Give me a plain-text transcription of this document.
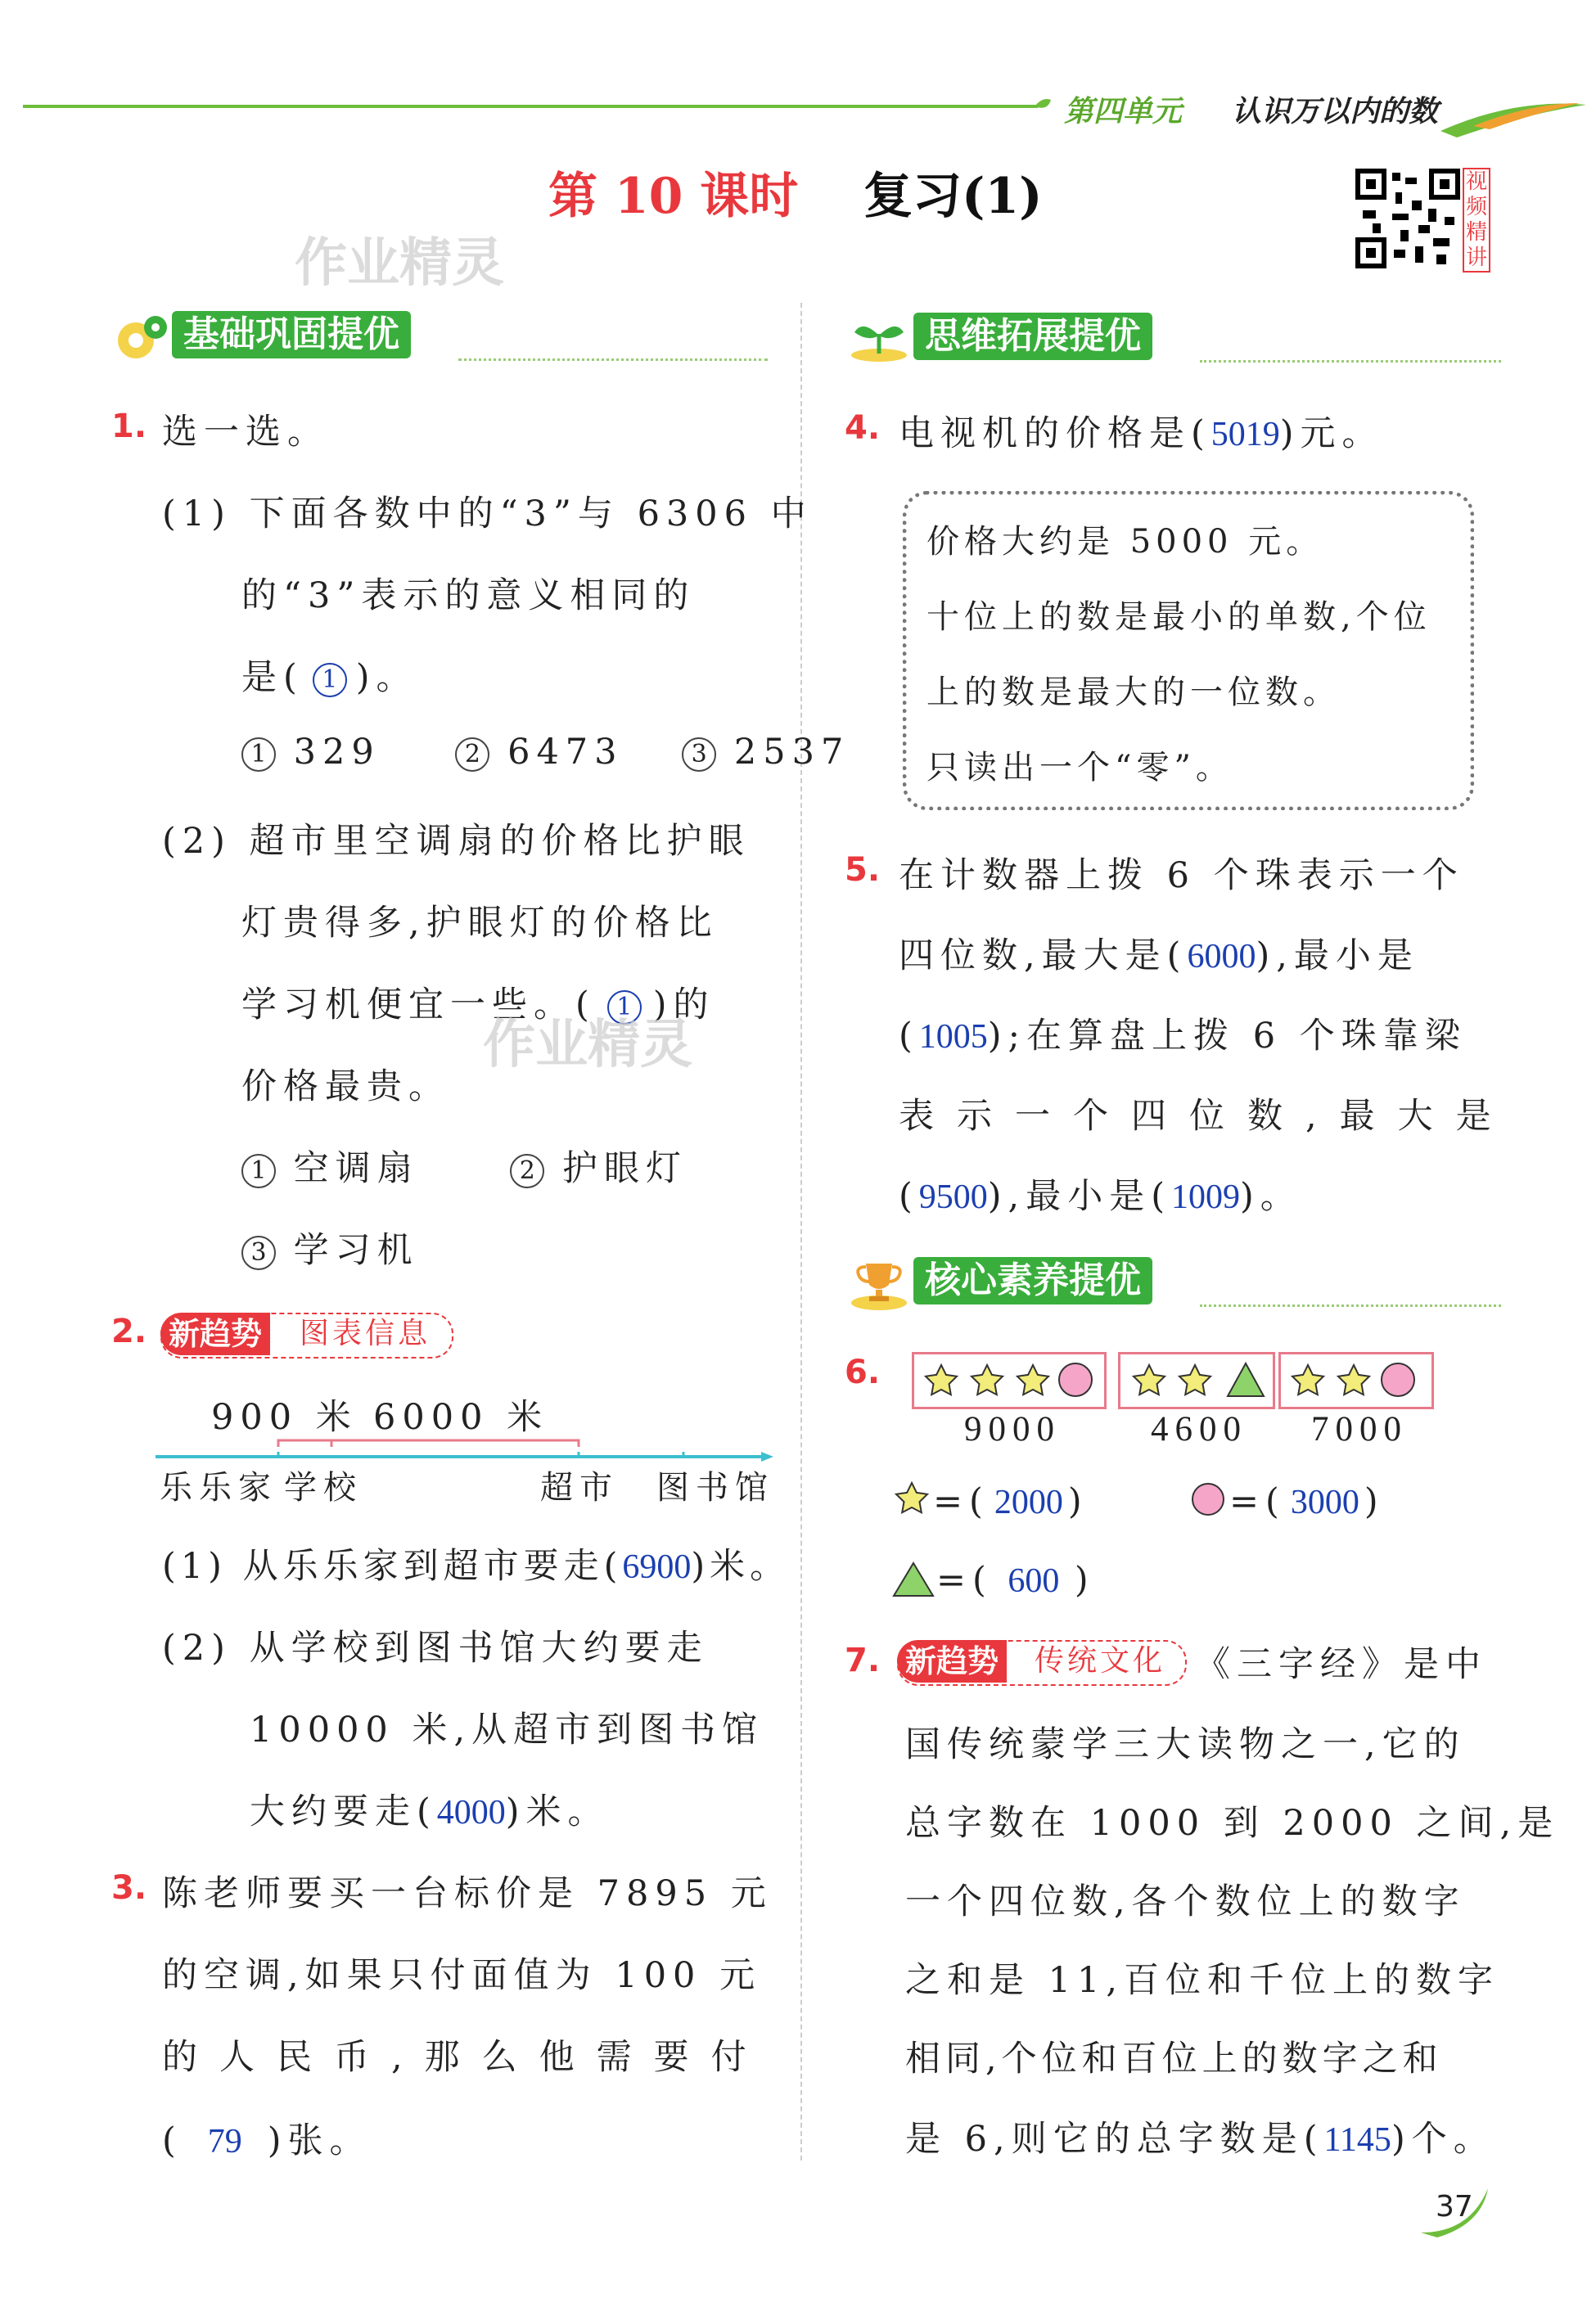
第四单元 认识万以内的数
第 10 课时 复习(1)	视频精讲
作业精灵
基础巩固提优
1. 选一选。
(1) 下面各数中的“3”与 6306 中
的“3”表示的意义相同的
是( 1 )。
1 329	2 6473	3 2537
(2) 超市里空调扇的价格比护眼
灯贵得多,护眼灯的价格比
学习机便宜一些。( 1 )的
作业精灵
价格最贵。
1 空调扇	2 护眼灯
3 学习机
2. 新趋势 图表信息
900 米 6000 米
乐乐家 学校	超市 图书馆
(1) 从乐乐家到超市要走(6900)米。
(2) 从学校到图书馆大约要走
10000 米,从超市到图书馆
大约要走(4000)米。
3. 陈老师要买一台标价是 7895 元
的空调,如果只付面值为 100 元
的人民币,那么他需要付
( 79 )张。
思维拓展提优
4. 电视机的价格是(5019)元。
价格大约是 5000 元。
十位上的数是最小的单数,个位
上的数是最大的一位数。
只读出一个“零”。
5. 在计数器上拨 6 个珠表示一个
四位数,最大是(6000),最小是
(1005);在算盘上拨 6 个珠靠梁
表示一个四位数,最大是
(9500),最小是(1009)。
核心素养提优
6.
9000	4600 7000
=( 2000 )	=( 3000 )
=( 600 )
7. 新趋势 传统文化 《三字经》是中
国传统蒙学三大读物之一,它的
总字数在 1000 到 2000 之间,是
一个四位数,各个数位上的数字
之和是 11,百位和千位上的数字
相同,个位和百位上的数字之和
是 6,则它的总字数是(1145)个。
37
